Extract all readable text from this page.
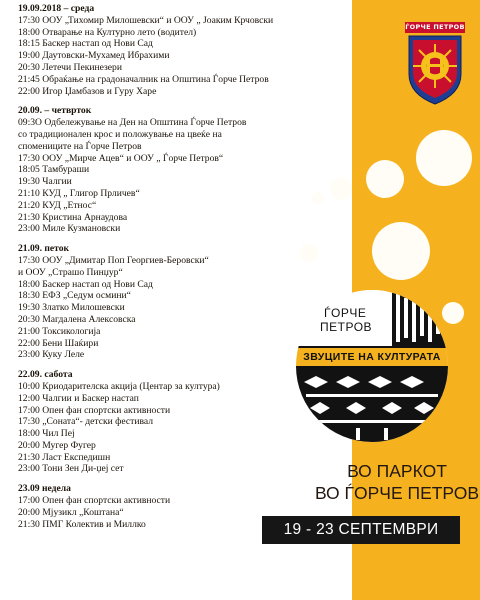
19.09.2018 – среда
17:30 ООУ „Тихомир Милошевски“ и ООУ „ Јоаким Крчовски
18:00 Отварање на Културно лето (водител)
18:15 Баскер настап од Нови Сад
19:00 Даутовски-Мухамед Ибрахими
20:30 Летечи Пекинезери
21:45 Обраќање на градоначалник на Општина Ѓорче Петров
22:00 Игор Џамбазов и Гуру Харе
20.09. – четврток
09:3О Одбележување на Ден на Општина Ѓорче Петров
со традиционален крос и положување на цвеќе на
спомениците на Ѓорче Петров
17:30 ООУ „Мирче Ацев“ и ООУ „ Ѓорче Петров“
18:05 Тамбураши
19:30 Чалгии
21:10 КУД „ Глигор Прличев“
21:20 КУД „Етнос“
21:30 Кристина Арнаудова
23:00 Миле Кузмановски
21.09. петок
17:30 ООУ „Димитар Поп Георгиев-Беровски“
и ООУ „Страшо Пинџур“
18:00 Баскер настап од Нови Сад
18:30 ЕФЗ „Седум осмини“
19:30 Златко Милошевски
20:30 Магдалена Алексовска
21:00 Токсикологија
22:00 Бени Шаќири
23:00 Куку Леле
22.09. сабота
10:00 Криодарителска акција (Центар за култура)
12:00 Чалгии и Баскер настап
17:00 Опен фан спортски активности
17:30 „Соната“- детски фестивал
18:00 Чил Пеј
20:00 Мугер Фугер
21:30 Ласт Експедишн
23:00 Тони Зен Ди-џеј сет
23.09 недела
17:00 Опен фан спортски активности
20:00 Мјузикл „Коштана“
21:30 ПМГ Колектив и Миллко
ЃОРЧЕ ПЕТРОВ
ЃОРЧЕ
ПЕТРОВ
ЗВУЦИТЕ НА КУЛТУРАТА
ВО ПАРКОТ
ВО ЃОРЧЕ ПЕТРОВ
19 - 23 СЕПТЕМВРИ
